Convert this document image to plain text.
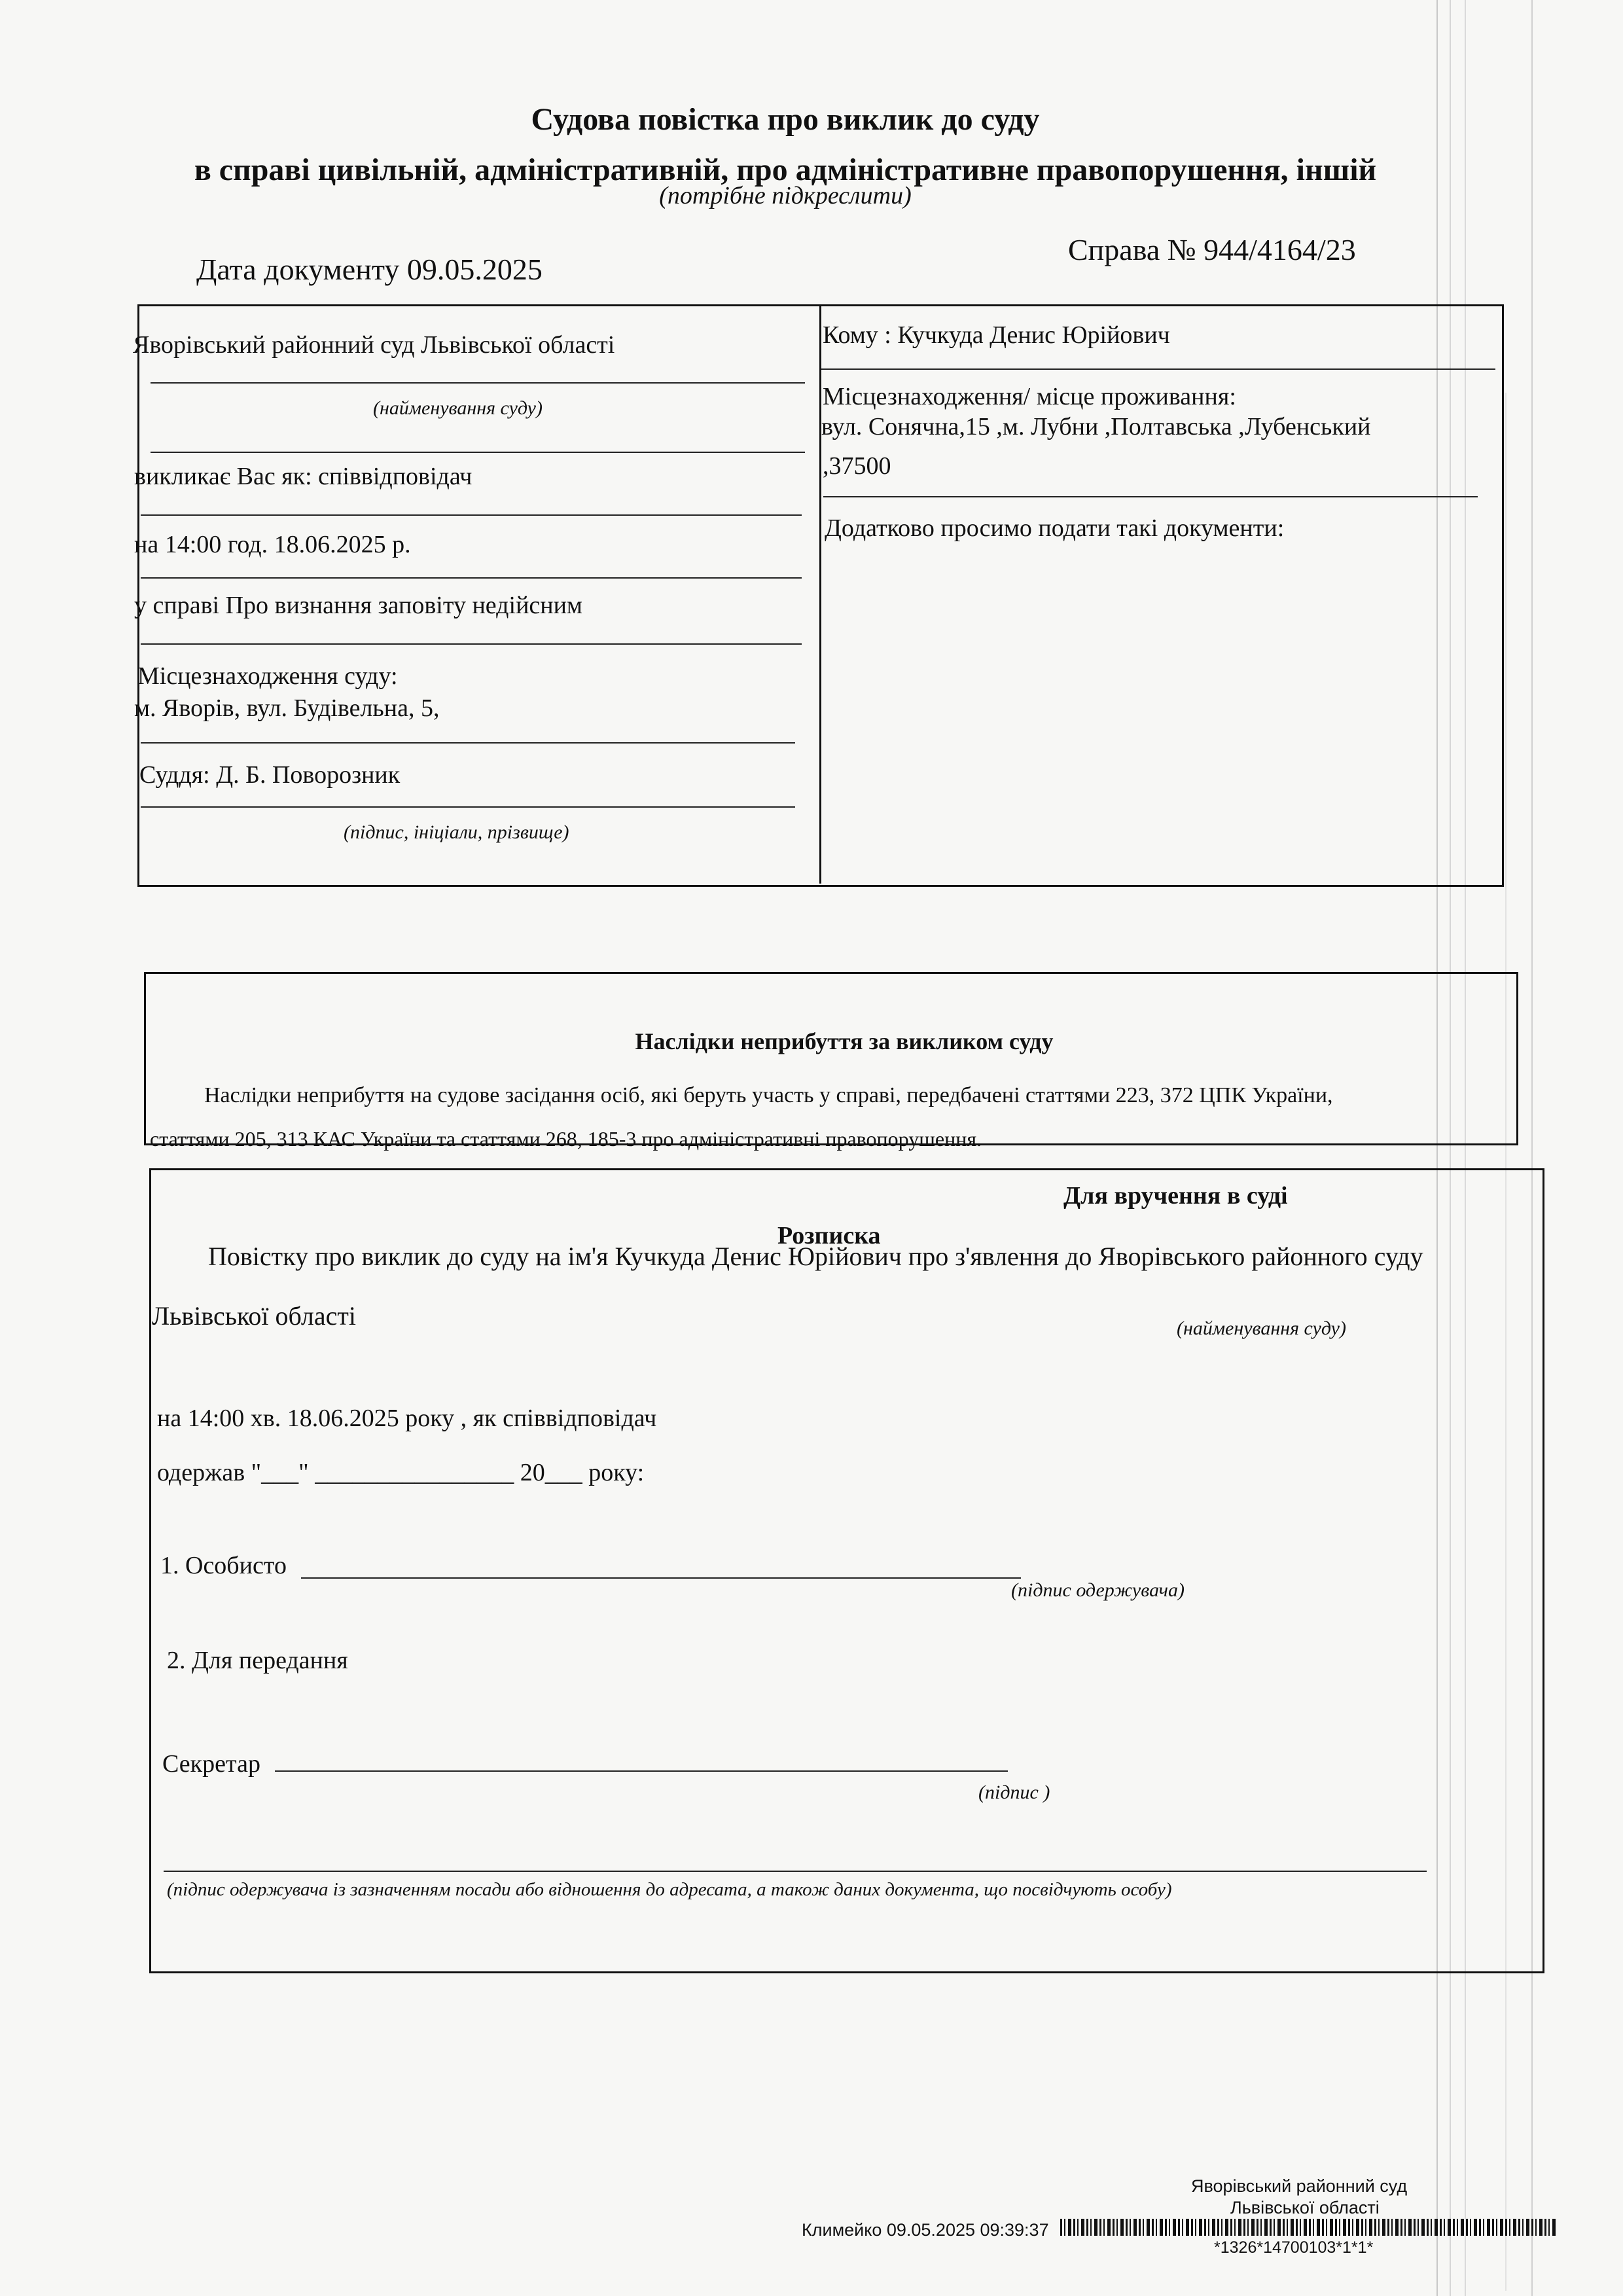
Судова повістка про виклик до суду
в справі цивільній, адміністративній, про адміністративне правопорушення, іншій
(потрібне підкреслити)
Дата документу 09.05.2025
Справа № 944/4164/23
Яворівський районний суд Львівської області
(найменування суду)
викликає Вас як: співвідповідач
на 14:00 год. 18.06.2025 р.
у справі Про визнання заповіту недійсним
Місцезнаходження суду:
м. Яворів, вул. Будівельна, 5,
Суддя: Д. Б. Поворозник
(підпис, ініціали, прізвище)
Кому : Кучкуда Денис Юрійович
Місцезнаходження/ місце проживання:
вул. Сонячна,15 ,м. Лубни ,Полтавська ,Лубенський
,37500
Додатково просимо подати такі документи:
Наслідки неприбуття за викликом суду
Наслідки неприбуття на судове засідання осіб, які беруть участь у справі, передбачені статтями 223, 372 ЦПК України,
статтями 205, 313 КАС України та статтями 268, 185-3 про адміністративні правопорушення.
Для вручення в суді
Розписка
Повістку про виклик до суду на ім'я Кучкуда Денис Юрійович про з'явлення до Яворівського районного суду
Львівської області	(найменування суду)
на 14:00 хв. 18.06.2025 року , як співвідповідач
одержав "___" ________________ 20___ року:
1. Особисто
(підпис одержувача)
2. Для передання
Секретар
(підпис )
(підпис одержувача із зазначенням посади або відношення до адресата, а також даних документа, що посвідчують особу)
Яворівський районний суд
Львівської області
Климейко 09.05.2025 09:39:37
*1326*14700103*1*1*
